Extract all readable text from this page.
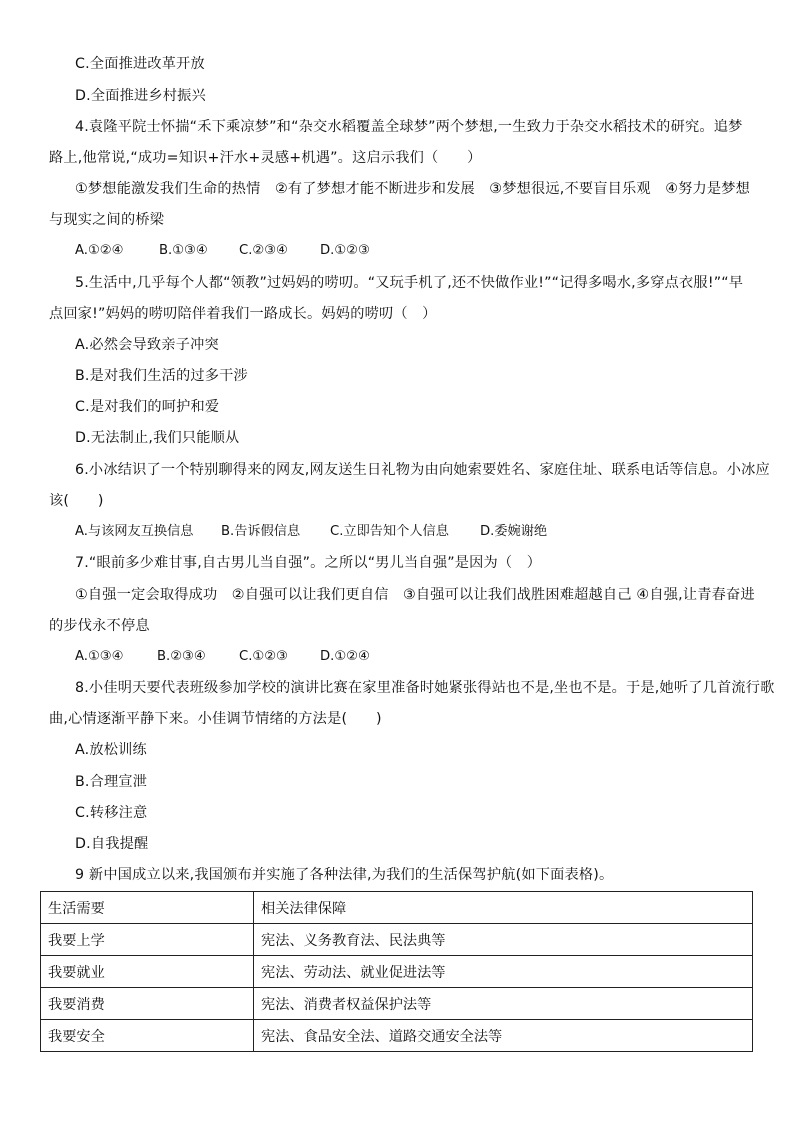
C.全面推进改革开放
D.全面推进乡村振兴
4.袁隆平院士怀揣“禾下乘凉梦”和“杂交水稻覆盖全球梦”两个梦想,一生致力于杂交水稻技术的研究。追梦
路上,他常说,“成功=知识+汗水+灵感+机遇”。这启示我们（　　）
①梦想能激发我们生命的热情　②有了梦想才能不断进步和发展　③梦想很远,不要盲目乐观　④努力是梦想
与现实之间的桥梁
A.①②④	B.①③④ C.②③④ D.①②③
5.生活中,几乎每个人都“领教”过妈妈的唠叨。“又玩手机了,还不快做作业!”“记得多喝水,多穿点衣服!”“早
点回家!”妈妈的唠叨陪伴着我们一路成长。妈妈的唠叨（　）
A.必然会导致亲子冲突
B.是对我们生活的过多干涉
C.是对我们的呵护和爱
D.无法制止,我们只能顺从
6.小冰结识了一个特别聊得来的网友,网友送生日礼物为由向她索要姓名、家庭住址、联系电话等信息。小冰应
该(　　)
A.与该网友互换信息 B.告诉假信息 C.立即告知个人信息 D.委婉谢绝
7.“眼前多少难甘事,自古男儿当自强”。之所以“男儿当自强”是因为（　）
①自强一定会取得成功　②自强可以让我们更自信　③自强可以让我们战胜困难超越自己 ④自强,让青春奋进
的步伐永不停息
A.①③④	B.②③④	C.①②③ D.①②④
8.小佳明天要代表班级参加学校的演讲比赛在家里准备时她紧张得站也不是,坐也不是。于是,她听了几首流行歌
曲,心情逐渐平静下来。小佳调节情绪的方法是(　　)
A.放松训练
B.合理宣泄
C.转移注意
D.自我提醒
9 新中国成立以来,我国颁布并实施了各种法律,为我们的生活保驾护航(如下面表格)。
生活需要	相关法律保障
我要上学	宪法、义务教育法、民法典等
我要就业	宪法、劳动法、就业促进法等
我要消费	宪法、消费者权益保护法等
我要安全	宪法、食品安全法、道路交通安全法等
